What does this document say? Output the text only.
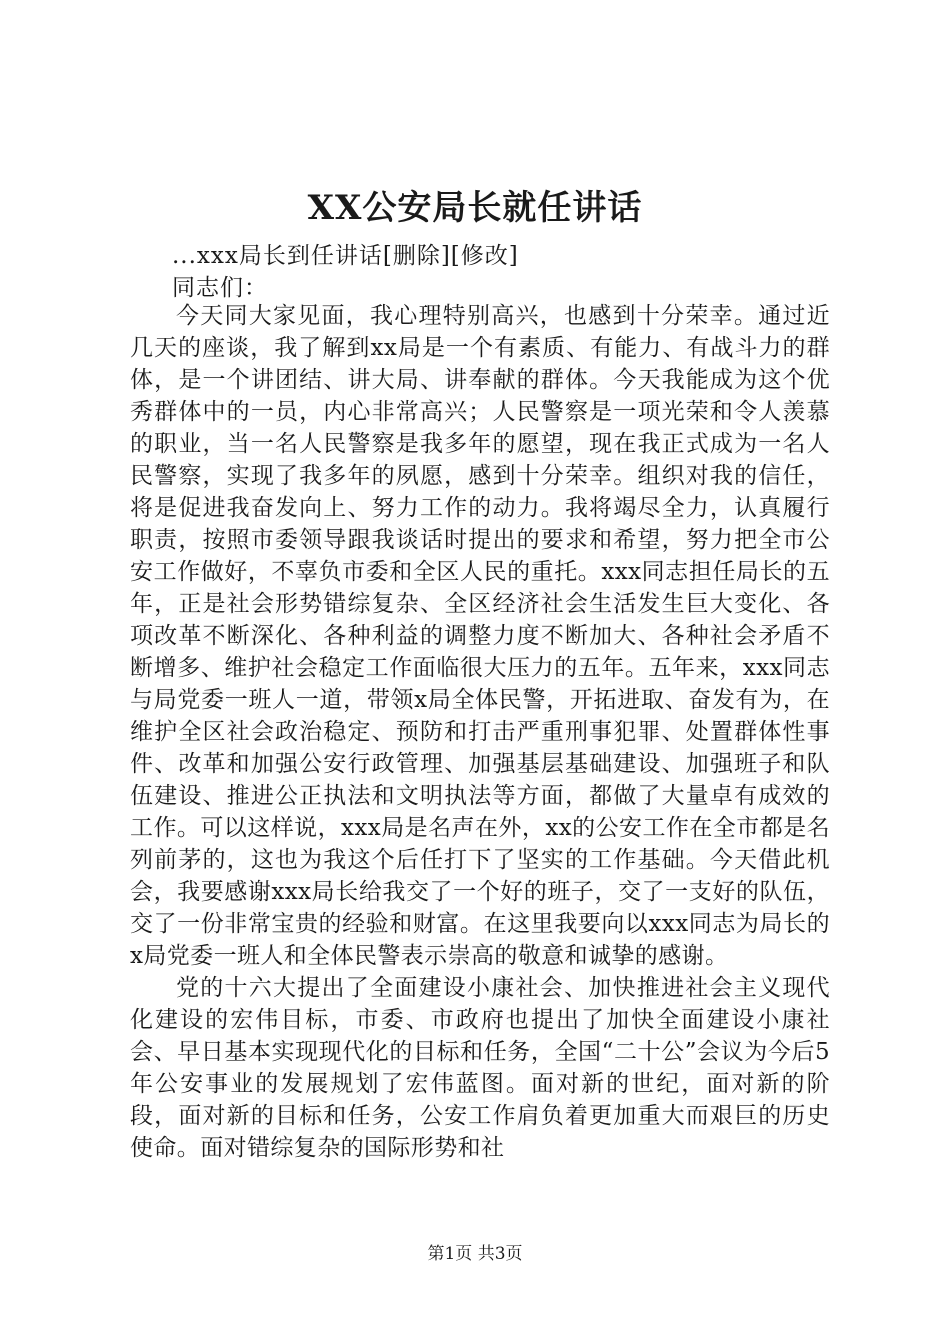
XX公安局长就任讲话
...xxx局长到任讲话[删除][修改]
同志们：

今天同大家见面，我心理特别高兴，也感到十分荣幸。通过近几天的座谈，我了解到xx局是一个有素质、有能力、有战斗力的群体，是一个讲团结、讲大局、讲奉献的群体。今天我能成为这个优秀群体中的一员，内心非常高兴；人民警察是一项光荣和令人羡慕的职业，当一名人民警察是我多年的愿望，现在我正式成为一名人民警察，实现了我多年的夙愿，感到十分荣幸。组织对我的信任，将是促进我奋发向上、努力工作的动力。我将竭尽全力，认真履行职责，按照市委领导跟我谈话时提出的要求和希望，努力把全市公安工作做好，不辜负市委和全区人民的重托。xxx同志担任局长的五年，正是社会形势错综复杂、全区经济社会生活发生巨大变化、各项改革不断深化、各种利益的调整力度不断加大、各种社会矛盾不断增多、维护社会稳定工作面临很大压力的五年。五年来，xxx同志与局党委一班人一道，带领x局全体民警，开拓进取、奋发有为，在维护全区社会政治稳定、预防和打击严重刑事犯罪、处置群体性事件、改革和加强公安行政管理、加强基层基础建设、加强班子和队伍建设、推进公正执法和文明执法等方面，都做了大量卓有成效的工作。可以这样说，xxx局是名声在外，xx的公安工作在全市都是名列前茅的，这也为我这个后任打下了坚实的工作基础。今天借此机会，我要感谢xxx局长给我交了一个好的班子，交了一支好的队伍，交了一份非常宝贵的经验和财富。在这里我要向以xxx同志为局长的x局党委一班人和全体民警表示崇高的敬意和诚挚的感谢。

党的十六大提出了全面建设小康社会、加快推进社会主义现代化建设的宏伟目标，市委、市政府也提出了加快全面建设小康社会、早日基本实现现代化的目标和任务，全国“二十公”会议为今后5年公安事业的发展规划了宏伟蓝图。面对新的世纪，面对新的阶段，面对新的目标和任务，公安工作肩负着更加重大而艰巨的历史使命。面对错综复杂的国际形势和社

第1页 共3页
